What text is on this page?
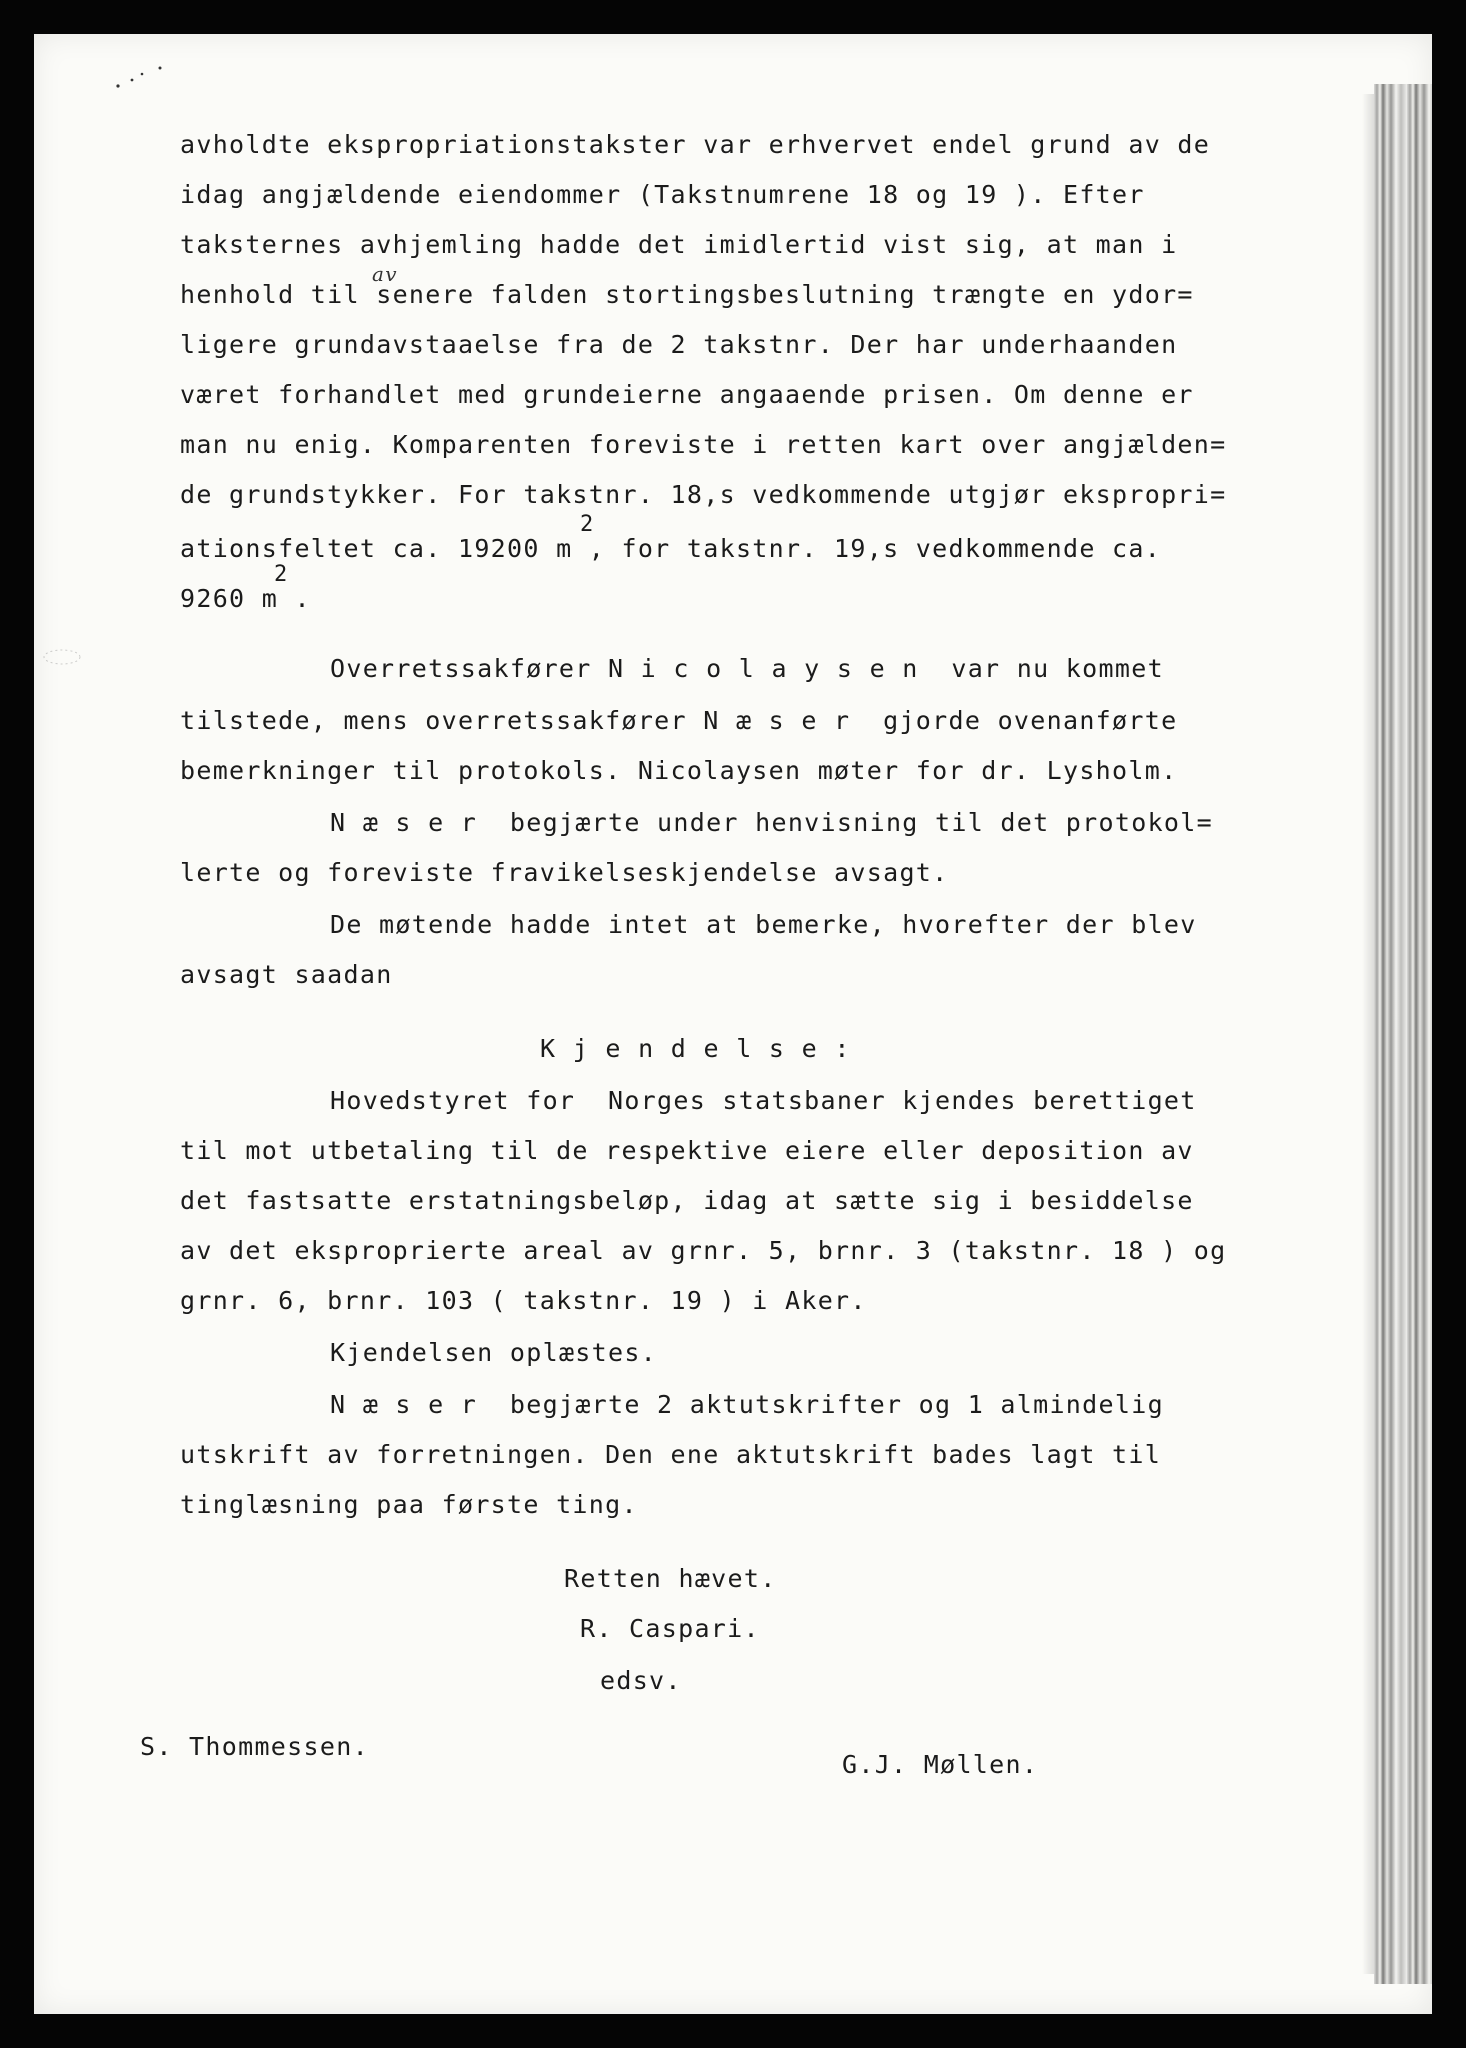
avholdte ekspropriationstakster var erhvervet endel grund av de
idag angjældende eiendommer (Takstnumrene 18 og 19 ). Efter
taksternes avhjemling hadde det imidlertid vist sig, at man i
henhold til senere falden stortingsbeslutning trængte en ydor=
ligere grundavstaaelse fra de 2 takstnr. Der har underhaanden
været forhandlet med grundeierne angaaende prisen. Om denne er
man nu enig. Komparenten foreviste i retten kart over angjælden=
de grundstykker. For takstnr. 18,s vedkommende utgjør ekspropri=
ationsfeltet ca. 19200 m , for takstnr. 19,s vedkommende ca.
9260 m .
Overretssakfører N i c o l a y s e n  var nu kommet
tilstede, mens overretssakfører N æ s e r  gjorde ovenanførte
bemerkninger til protokols. Nicolaysen møter for dr. Lysholm.
N æ s e r  begjærte under henvisning til det protokol=
lerte og foreviste fravikelseskjendelse avsagt.
De møtende hadde intet at bemerke, hvorefter der blev
avsagt saadan
K j e n d e l s e :
Hovedstyret for  Norges statsbaner kjendes berettiget
til mot utbetaling til de respektive eiere eller deposition av
det fastsatte erstatningsbeløp, idag at sætte sig i besiddelse
av det eksproprierte areal av grnr. 5, brnr. 3 (takstnr. 18 ) og
grnr. 6, brnr. 103 ( takstnr. 19 ) i Aker.
Kjendelsen oplæstes.
N æ s e r  begjærte 2 aktutskrifter og 1 almindelig
utskrift av forretningen. Den ene aktutskrift bades lagt til
tinglæsning paa første ting.
2
2
av
Retten hævet.
R. Caspari.
edsv.
S. Thommessen.
G.J. Møllen.
